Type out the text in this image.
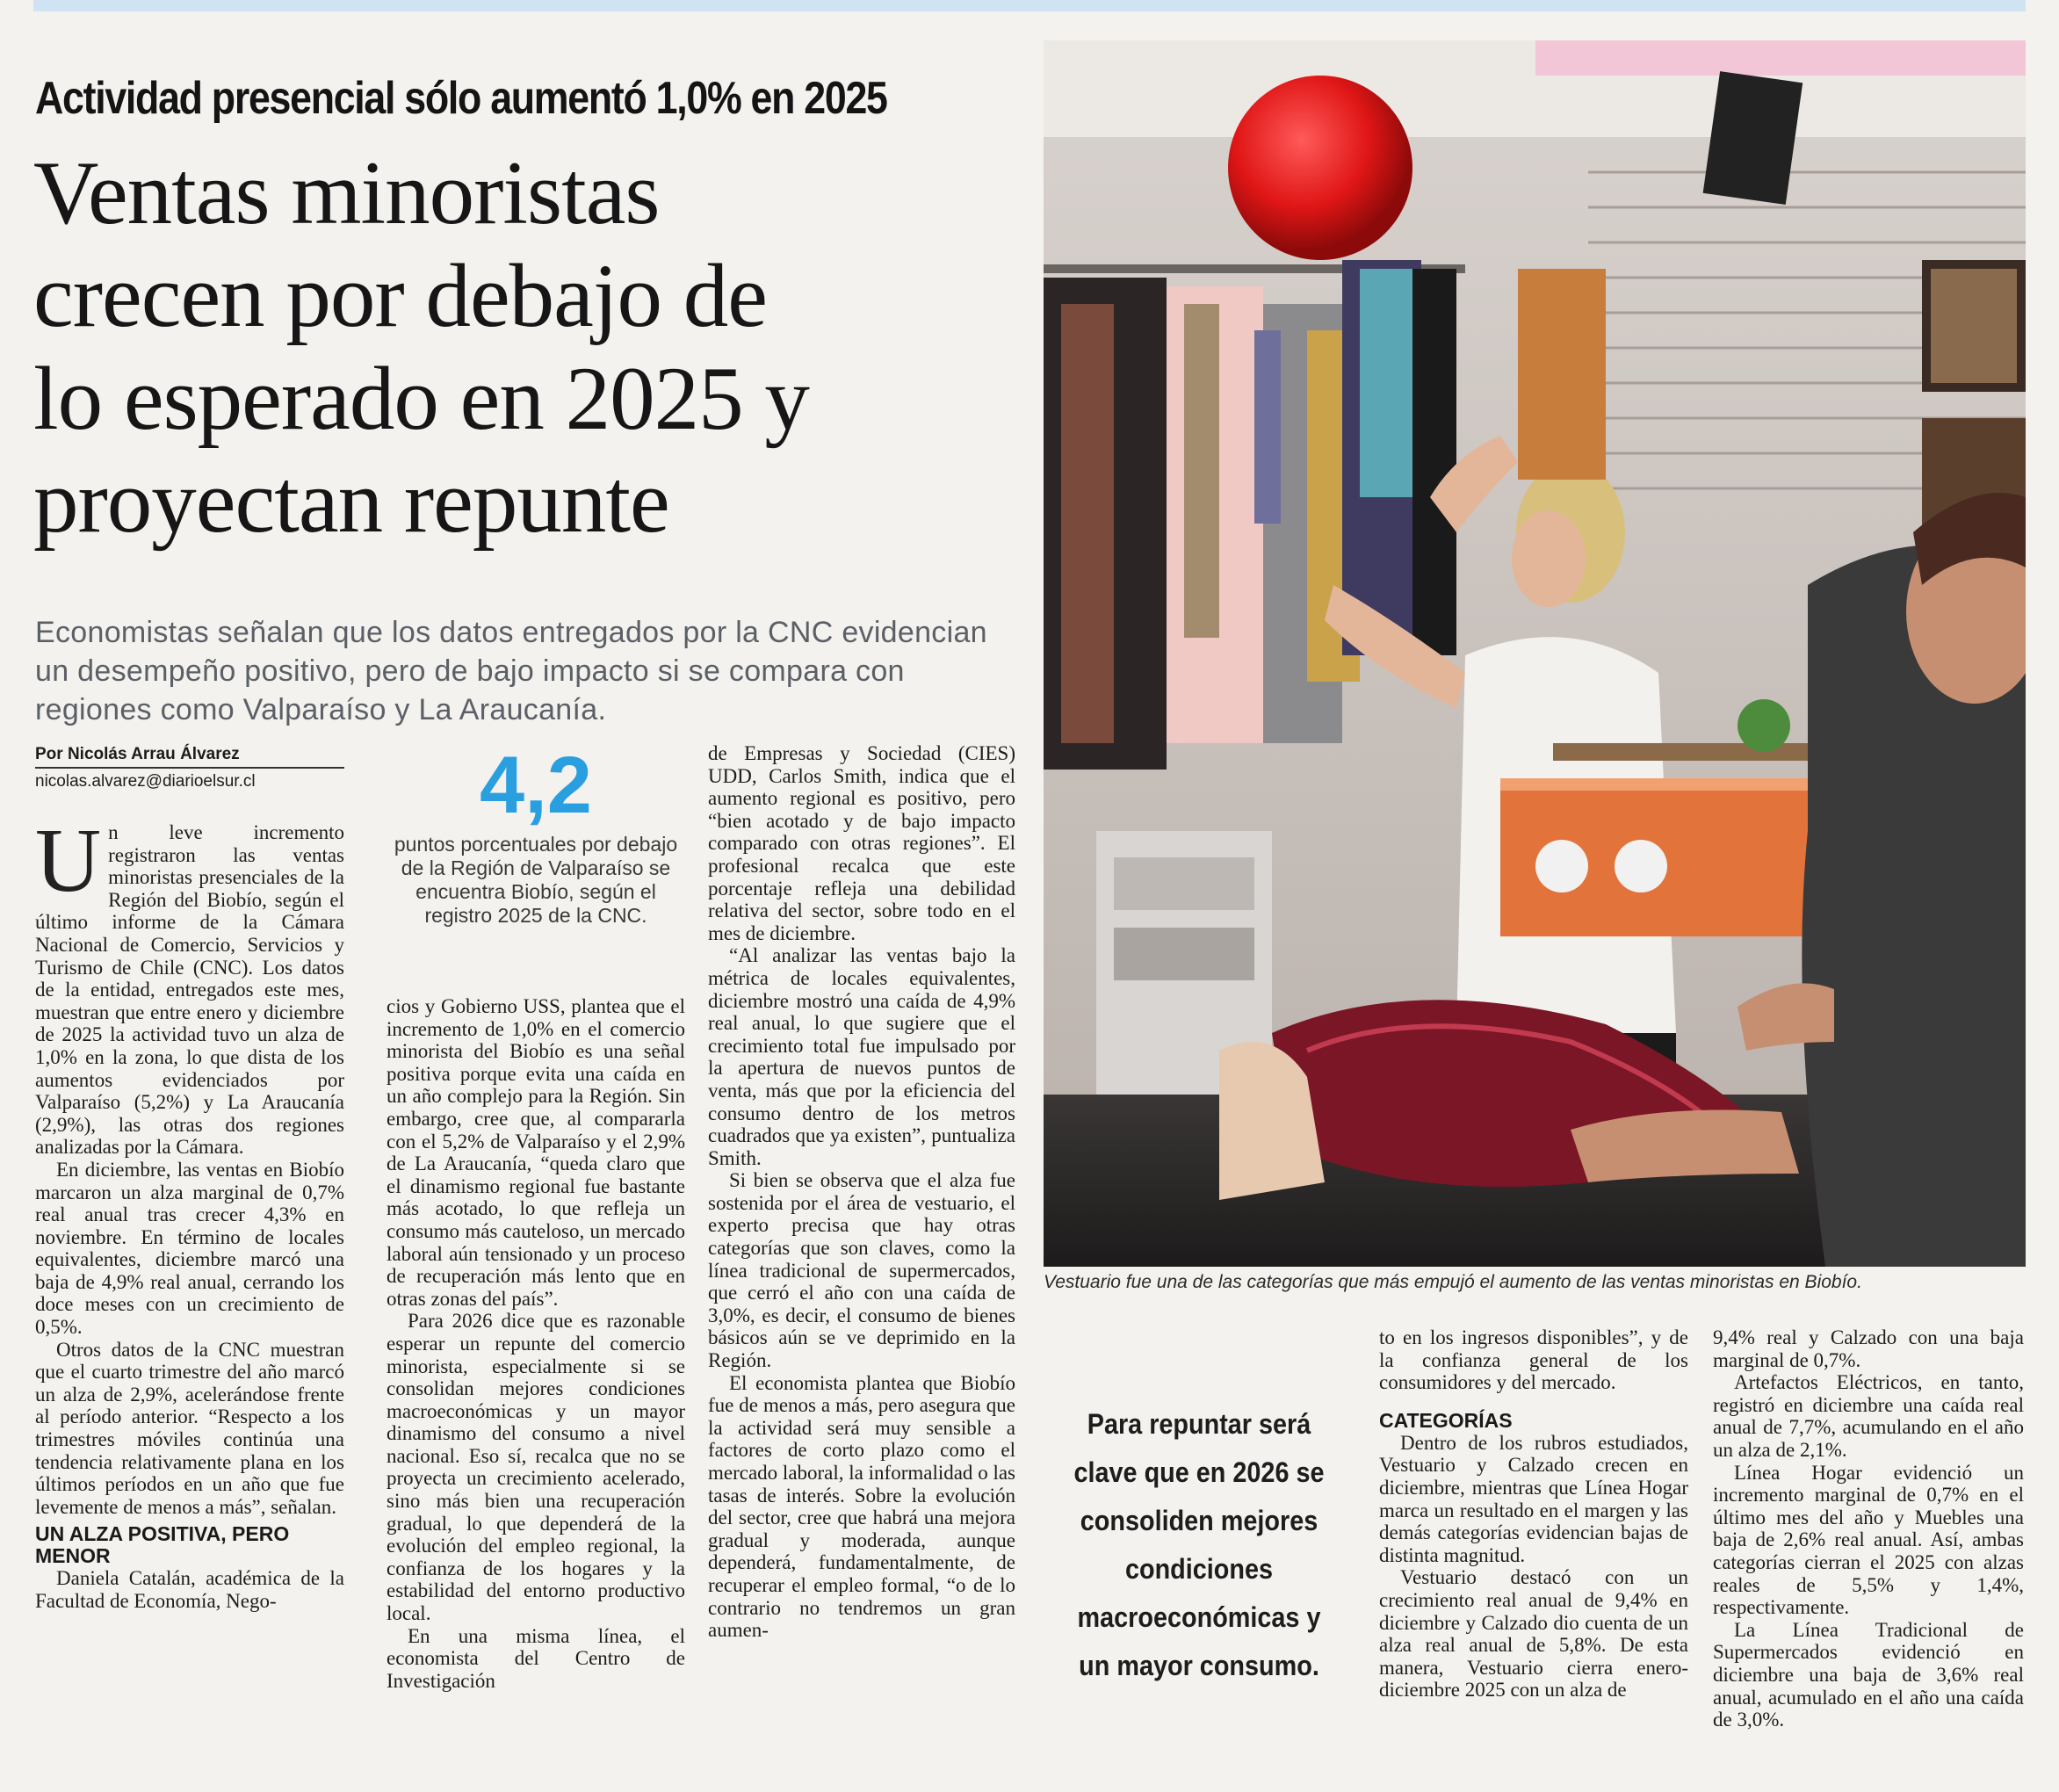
Actividad presencial sólo aumentó 1,0% en 2025
Ventas minoristas
crecen por debajo de
lo esperado en 2025 y
proyectan repunte
Economistas señalan que los datos entregados por la CNC evidencian
un desempeño positivo, pero de bajo impacto si se compara con
regiones como Valparaíso y La Araucanía.
Por Nicolás Arrau Álvarez
nicolas.alvarez@diarioelsur.cl	4,2
puntos porcentuales por debajo de la Región de Valparaíso se encuentra Biobío, según el registro 2025 de la CNC.

Un leve incremento registraron las ventas minoristas presenciales de la Región del Biobío, según el último informe de la Cámara Nacional de Comercio, Servicios y Turismo de Chile (CNC). Los datos de la entidad, entregados este mes, muestran que entre enero y diciembre de 2025 la actividad tuvo un alza de 1,0% en la zona, lo que dista de los aumentos evidenciados por Valparaíso (5,2%) y La Araucanía (2,9%), las otras dos regiones analizadas por la Cámara.

En diciembre, las ventas en Biobío marcaron un alza marginal de 0,7% real anual tras crecer 4,3% en noviembre. En término de locales equivalentes, diciembre marcó una baja de 4,9% real anual, cerrando los doce meses con un crecimiento de 0,5%.

Otros datos de la CNC muestran que el cuarto trimestre del año marcó un alza de 2,9%, acelerándose frente al período anterior. “Respecto a los trimestres móviles continúa una tendencia relativamente plana en los últimos períodos en un año que fue levemente de menos a más”, señalan.

UN ALZA POSITIVA, PERO MENOR

Daniela Catalán, académica de la Facultad de Economía, Nego-

cios y Gobierno USS, plantea que el incremento de 1,0% en el comercio minorista del Biobío es una señal positiva porque evita una caída en un año complejo para la Región. Sin embargo, cree que, al compararla con el 5,2% de Valparaíso y el 2,9% de La Araucanía, “queda claro que el dinamismo regional fue bastante más acotado, lo que refleja un consumo más cauteloso, un mercado laboral aún tensionado y un proceso de recuperación más lento que en otras zonas del país”.

Para 2026 dice que es razonable esperar un repunte del comercio minorista, especialmente si se consolidan mejores condiciones macroeconómicas y un mayor dinamismo del consumo a nivel nacional. Eso sí, recalca que no se proyecta un crecimiento acelerado, sino más bien una recuperación gradual, lo que dependerá de la evolución del empleo regional, la confianza de los hogares y la estabilidad del entorno productivo local.

En una misma línea, el economista del Centro de Investigación

de Empresas y Sociedad (CIES) UDD, Carlos Smith, indica que el aumento regional es positivo, pero “bien acotado y de bajo impacto comparado con otras regiones”. El profesional recalca que este porcentaje refleja una debilidad relativa del sector, sobre todo en el mes de diciembre.

“Al analizar las ventas bajo la métrica de locales equivalentes, diciembre mostró una caída de 4,9% real anual, lo que sugiere que el crecimiento total fue impulsado por la apertura de nuevos puntos de venta, más que por la eficiencia del consumo dentro de los metros cuadrados que ya existen”, puntualiza Smith.

Si bien se observa que el alza fue sostenida por el área de vestuario, el experto precisa que hay otras categorías que son claves, como la línea tradicional de supermercados, que cerró el año con una caída de 3,0%, es decir, el consumo de bienes básicos aún se ve deprimido en la Región.

El economista plantea que Biobío fue de menos a más, pero asegura que la actividad será muy sensible a factores de corto plazo como el mercado laboral, la informalidad o las tasas de interés. Sobre la evolución del sector, cree que habrá una mejora gradual y moderada, aunque dependerá, fundamentalmente, de recuperar el empleo formal, “o de lo contrario no tendremos un gran aumen-

Vestuario fue una de las categorías que más empujó el aumento de las ventas minoristas en Biobío.
Para repuntar será clave que en 2026 se consoliden mejores condiciones macroeconómicas y un mayor consumo.

to en los ingresos disponibles”, y de la confianza general de los consumidores y del mercado.

CATEGORÍAS

Dentro de los rubros estudiados, Vestuario y Calzado crecen en diciembre, mientras que Línea Hogar marca un resultado en el margen y las demás categorías evidencian bajas de distinta magnitud.

Vestuario destacó con un crecimiento real anual de 9,4% en diciembre y Calzado dio cuenta de un alza real anual de 5,8%. De esta manera, Vestuario cierra enero-diciembre 2025 con un alza de

9,4% real y Calzado con una baja marginal de 0,7%.

Artefactos Eléctricos, en tanto, registró en diciembre una caída real anual de 7,7%, acumulando en el año un alza de 2,1%.

Línea Hogar evidenció un incremento marginal de 0,7% en el último mes del año y Muebles una baja de 2,6% real anual. Así, ambas categorías cierran el 2025 con alzas reales de 5,5% y 1,4%, respectivamente.

La Línea Tradicional de Supermercados evidenció en diciembre una baja de 3,6% real anual, acumulado en el año una caída de 3,0%.
